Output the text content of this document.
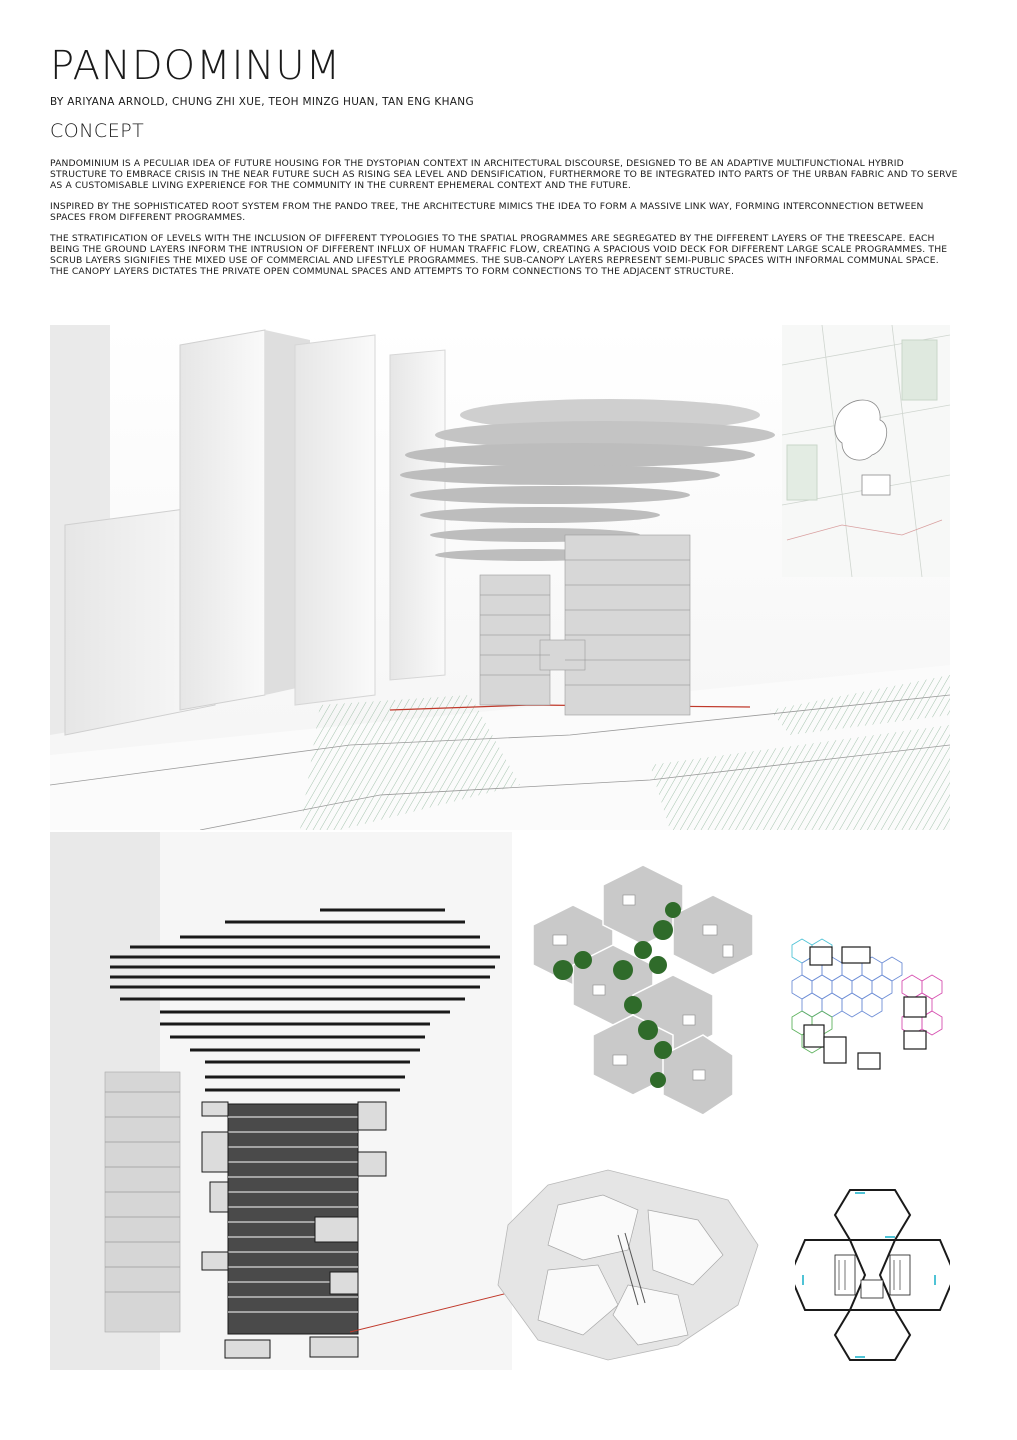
PANDOMINUM
BY ARIYANA ARNOLD, CHUNG ZHI XUE, TEOH MINZG HUAN, TAN ENG KHANG
CONCEPT

PANDOMINIUM IS A PECULIAR IDEA OF FUTURE HOUSING FOR THE DYSTOPIAN CONTEXT IN ARCHITECTURAL DISCOURSE, DESIGNED TO BE AN ADAPTIVE MULTIFUNCTIONAL HYBRID STRUCTURE TO EMBRACE CRISIS IN THE NEAR FUTURE SUCH AS RISING SEA LEVEL AND DENSIFICATION, FURTHERMORE TO BE INTEGRATED INTO PARTS OF THE URBAN FABRIC AND TO SERVE AS A CUSTOMISABLE LIVING EXPERIENCE FOR THE COMMUNITY IN THE CURRENT EPHEMERAL CONTEXT AND THE FUTURE.

INSPIRED BY THE SOPHISTICATED ROOT SYSTEM FROM THE PANDO TREE, THE ARCHITECTURE MIMICS THE IDEA TO FORM A MASSIVE LINK WAY, FORMING INTERCONNECTION BETWEEN SPACES FROM DIFFERENT PROGRAMMES.

THE STRATIFICATION OF LEVELS WITH THE INCLUSION OF DIFFERENT TYPOLOGIES TO THE SPATIAL PROGRAMMES ARE SEGREGATED BY THE DIFFERENT LAYERS OF THE TREESCAPE. EACH BEING THE GROUND LAYERS INFORM THE INTRUSION OF DIFFERENT INFLUX OF HUMAN TRAFFIC FLOW, CREATING A SPACIOUS VOID DECK FOR DIFFERENT LARGE SCALE PROGRAMMES. THE SCRUB LAYERS SIGNIFIES THE MIXED USE OF COMMERCIAL AND LIFESTYLE PROGRAMMES. THE SUB-CANOPY LAYERS REPRESENT SEMI-PUBLIC SPACES WITH INFORMAL COMMUNAL SPACE. THE CANOPY LAYERS DICTATES THE PRIVATE OPEN COMMUNAL SPACES AND ATTEMPTS TO FORM CONNECTIONS TO THE ADJACENT STRUCTURE.
